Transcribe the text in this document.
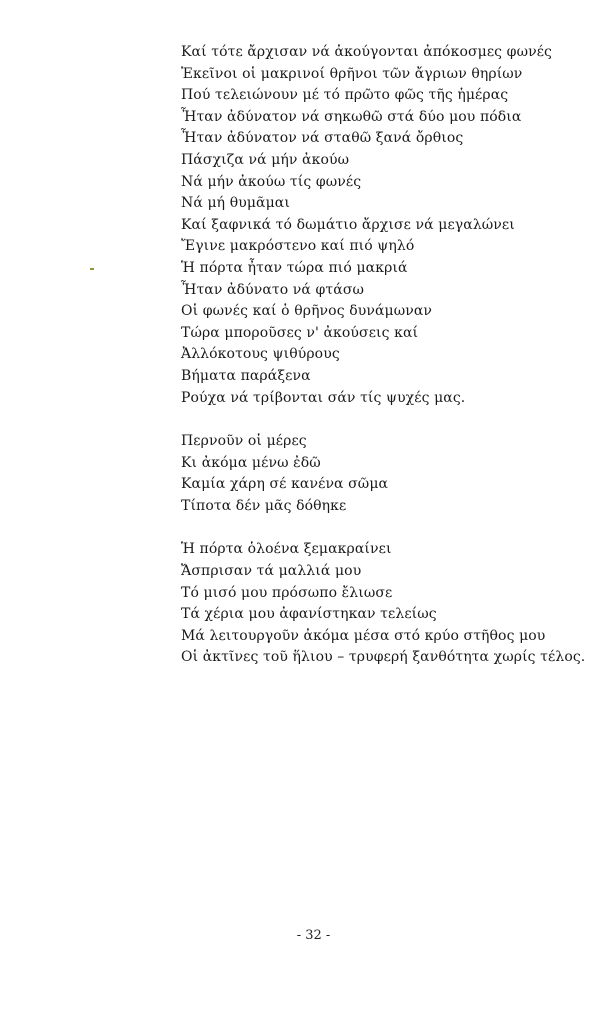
Καί τότε ἄρχισαν νά ἀκούγονται ἀπόκοσμες φωνές
Ἐκεῖνοι οἱ μακρινοί θρῆνοι τῶν ἄγριων θηρίων
Πού τελειώνουν μέ τό πρῶτο φῶς τῆς ἡμέρας
Ἦταν ἀδύνατον νά σηκωθῶ στά δύο μου πόδια
Ἦταν ἀδύνατον νά σταθῶ ξανά ὄρθιος
Πάσχιζα νά μήν ἀκούω
Νά μήν ἀκούω τίς φωνές
Νά μή θυμᾶμαι
Καί ξαφνικά τό δωμάτιο ἄρχισε νά μεγαλώνει
Ἔγινε μακρόστενο καί πιό ψηλό
Ἡ πόρτα ἦταν τώρα πιό μακριά
Ἦταν ἀδύνατο νά φτάσω
Οἱ φωνές καί ὁ θρῆνος δυνάμωναν
Τώρα μποροῦσες ν' ἀκούσεις καί
Ἀλλόκοτους ψιθύρους
Βήματα παράξενα
Ρούχα νά τρίβονται σάν τίς ψυχές μας.
Περνοῦν οἱ μέρες
Κι ἀκόμα μένω ἐδῶ
Καμία χάρη σέ κανένα σῶμα
Τίποτα δέν μᾶς δόθηκε
Ἡ πόρτα ὁλοένα ξεμακραίνει
Ἄσπρισαν τά μαλλιά μου
Τό μισό μου πρόσωπο ἔλιωσε
Τά χέρια μου ἀφανίστηκαν τελείως
Μά λειτουργοῦν ἀκόμα μέσα στό κρύο στῆθος μου
Οἱ ἀκτῖνες τοῦ ἥλιου – τρυφερή ξανθότητα χωρίς τέλος.
- 32 -
